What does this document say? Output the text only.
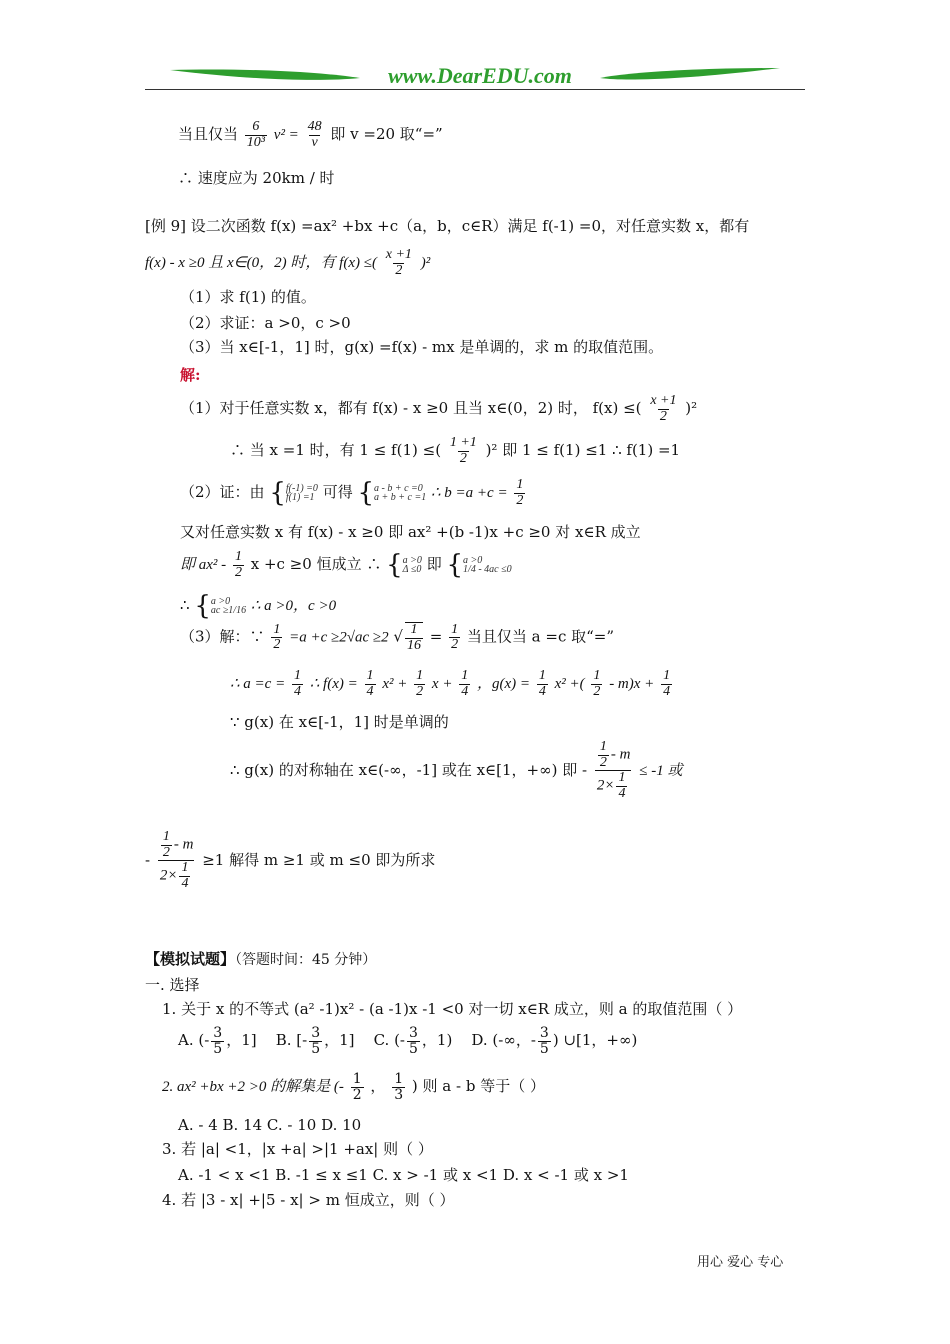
www.DearEDU.com
当且仅当 $\frac{6}{\text{10³}} v^2 = \frac{48}{v}$ 即 v =20 取“=”
∴ 速度应为 20km / 时
[例 9] 设二次函数 f(x) =ax² +bx +c（a，b，c∈R）满足 f(-1) =0，对任意实数 x，都有
f(x) - x ≥0 且 x∈(0，2) 时，有 f(x) ≤( $\frac{x +1}{2} )^2$
（1）求 f(1) 的值。
（2）求证：a >0，c >0
（3）当 x∈[-1，1] 时，g(x) =f(x) - mx 是单调的，求 m 的取值范围。
解:
（1）对于任意实数 x，都有 f(x) - x ≥0 且当 x∈(0，2) 时， f(x) ≤( $\frac{x +1}{2} )^2$
∴ 当 x =1 时，有 1 ≤ f(1) ≤( $\frac{1 +1}{2} )^2$ 即 1 ≤ f(1) ≤1 ∴ f(1) =1
（2）证：由 {f(-1) =0
f(1) =1 可得 {a - b + c =0
a + b + c =1 ∴ $b =a +c = \frac{1}{2}$
又对任意实数 x 有 f(x) - x ≥0 即 ax² +(b -1)x +c ≥0 对 x∈R 成立
即 $ax^2 - \frac{1}{2}$ x +c ≥0 恒成立 ∴ {a >0
Δ ≤0 即 {a >0
1/4 - 4ac ≤0
∴ {a >0
ac ≥1/16 ∴ a >0，c >0
（3）解：∵ $\frac{1}{2} =a +c \ge 2√ac \ge 2$ √ $\frac{1}{16} = \frac{1}{2}$ 当且仅当 a =c 取“=”
∴ $a =c = \frac{1}{4}$ ∴ $f(x) = \frac{1}{4} x^2 + \frac{1}{2}$ $x + \frac{1}{4}$ ，$g(x) = \frac{1}{4} x^2$ +( $\frac{1}{2} - m)x + \frac{1}{4}$
∵ g(x) 在 x∈[-1，1] 时是单调的
∴ g(x) 的对称轴在 x∈(-∞，-1] 或在 x∈[1，+∞) 即 - $\frac{\frac{1}{2} - m}{2\times \frac{1}{4}} \le -1$ 或
- $\frac{\frac{1}{2} - m}{2\times \frac{1}{4}} \ge 1$ 解得 m ≥1 或 m ≤0 即为所求
【模拟试题】（答题时间：45 分钟）
一. 选择
1. 关于 x 的不等式 (a² -1)x² - (a -1)x -1 <0 对一切 x∈R 成立，则 a 的取值范围（ ）
A. (- $\frac{3}{5}$ ，1] B. [- $\frac{3}{5}$ ，1] C. (- $\frac{3}{5}$ ，1) D. (-∞，- $\frac{3}{5}$ ) ∪[1，+∞)
2. ax² +bx +2 >0 的解集是 (- $\frac{1}{2}$ ， $\frac{1}{3}$ ) 则 a - b 等于（ ）
A. - 4 B. 14 C. - 10 D. 10
3. 若 |a| <1，|x +a| >|1 +ax| 则（ ）
A. -1 < x <1 B. -1 ≤ x ≤1 C. x > -1 或 x <1 D. x < -1 或 x >1
4. 若 |3 - x| +|5 - x| > m 恒成立，则（ ）
用心 爱心 专心
